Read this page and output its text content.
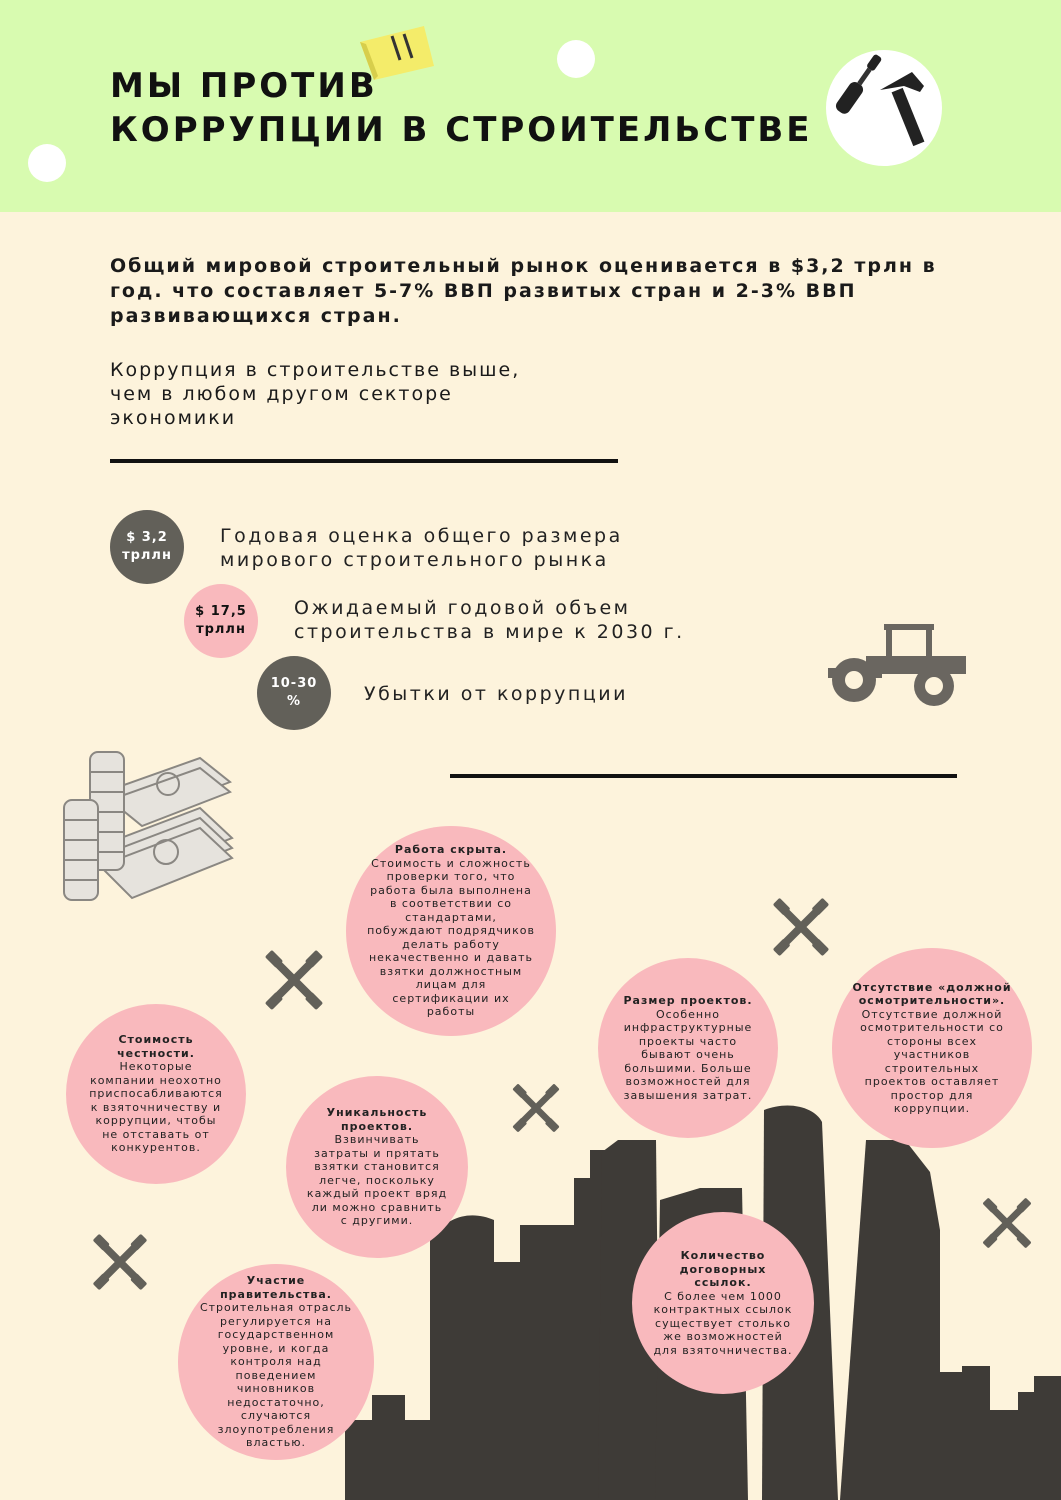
МЫ ПРОТИВ
КОРРУПЦИИ В СТРОИТЕЛЬСТВЕ

Общий мировой строительный рынок оценивается в $3,2 трлн в год. что составляет 5-7% ВВП развитых стран и 2-3% ВВП развивающихся стран.

Коррупция в строительстве выше, чем в любом другом секторе экономики

$ 3,2
трллн

Годовая оценка общего размера мирового строительного рынка

$ 17,5
трллн

Ожидаемый годовой объем строительства в мире к 2030 г.

10-30
%	Убытки от коррупции

Работа скрыта.
Стоимость и сложность проверки того, что работа была выполнена в соответствии со стандартами, побуждают подрядчиков делать работу некачественно и давать взятки должностным лицам для сертификации их работы
Стоимость честности.
Некоторые компании неохотно приспосабливаются к взяточничеству и коррупции, чтобы не отставать от конкурентов.
Уникальность проектов.
Взвинчивать затраты и прятать взятки становится легче, поскольку каждый проект вряд ли можно сравнить с другими.
Размер проектов.
Особенно инфраструктурные проекты часто бывают очень большими. Больше возможностей для завышения затрат.
Отсутствие «должной осмотрительности».
Отсутствие должной осмотрительности со стороны всех участников строительных проектов оставляет простор для коррупции.
Количество договорных ссылок.
С более чем 1000 контрактных ссылок существует столько же возможностей для взяточничества.
Участие правительства.
Строительная отрасль регулируется на государственном уровне, и когда контроля над поведением чиновников недостаточно, случаются злоупотребления властью.
